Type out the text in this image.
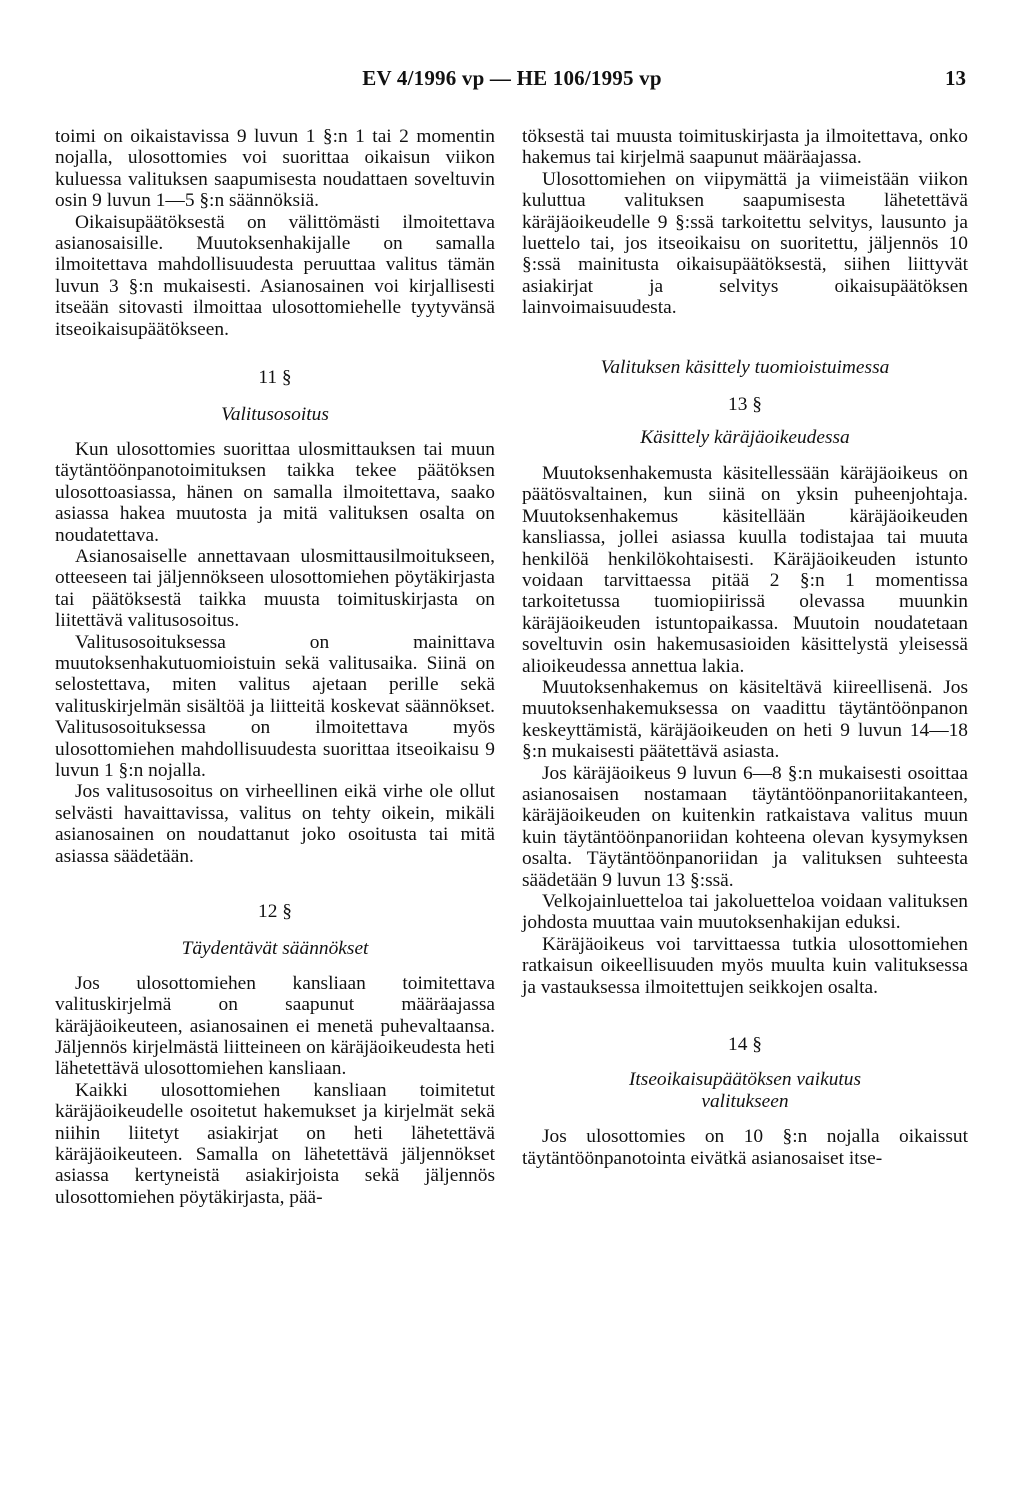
EV 4/1996 vp — HE 106/1995 vp	13

toimi on oikaistavissa 9 luvun 1 §:n 1 tai 2 momentin nojalla, ulosottomies voi suorittaa oikaisun viikon kuluessa valituksen saapumisesta noudattaen soveltuvin osin 9 luvun 1—5 §:n säännöksiä.

Oikaisupäätöksestä on välittömästi ilmoitettava asianosaisille. Muutoksenhakijalle on samalla ilmoitettava mahdollisuudesta peruuttaa valitus tämän luvun 3 §:n mukaisesti. Asianosainen voi kirjallisesti itseään sitovasti ilmoittaa ulosottomiehelle tyytyvänsä itseoikaisupäätökseen.

11 §
Valitusosoitus

Kun ulosottomies suorittaa ulosmittauksen tai muun täytäntöönpanotoimituksen taikka tekee päätöksen ulosottoasiassa, hänen on samalla ilmoitettava, saako asiassa hakea muutosta ja mitä valituksen osalta on noudatettava.

Asianosaiselle annettavaan ulosmittausilmoitukseen, otteeseen tai jäljennökseen ulosottomiehen pöytäkirjasta tai päätöksestä taikka muusta toimituskirjasta on liitettävä valitusosoitus.

Valitusosoituksessa on mainittava muutoksenhakutuomioistuin sekä valitusaika. Siinä on selostettava, miten valitus ajetaan perille sekä valituskirjelmän sisältöä ja liitteitä koskevat säännökset. Valitusosoituksessa on ilmoitettava myös ulosottomiehen mahdollisuudesta suorittaa itseoikaisu 9 luvun 1 §:n nojalla.

Jos valitusosoitus on virheellinen eikä virhe ole ollut selvästi havaittavissa, valitus on tehty oikein, mikäli asianosainen on noudattanut joko osoitusta tai mitä asiassa säädetään.

12 §
Täydentävät säännökset

Jos ulosottomiehen kansliaan toimitettava valituskirjelmä on saapunut määräajassa käräjäoikeuteen, asianosainen ei menetä puhevaltaansa. Jäljennös kirjelmästä liitteineen on käräjäoikeudesta heti lähetettävä ulosottomiehen kansliaan.

Kaikki ulosottomiehen kansliaan toimitetut käräjäoikeudelle osoitetut hakemukset ja kirjelmät sekä niihin liitetyt asiakirjat on heti lähetettävä käräjäoikeuteen. Samalla on lähetettävä jäljennökset asiassa kertyneistä asiakirjoista sekä jäljennös ulosottomiehen pöytäkirjasta, pää-

töksestä tai muusta toimituskirjasta ja ilmoitettava, onko hakemus tai kirjelmä saapunut määräajassa.

Ulosottomiehen on viipymättä ja viimeistään viikon kuluttua valituksen saapumisesta lähetettävä käräjäoikeudelle 9 §:ssä tarkoitettu selvitys, lausunto ja luettelo tai, jos itseoikaisu on suoritettu, jäljennös 10 §:ssä mainitusta oikaisupäätöksestä, siihen liittyvät asiakirjat ja selvitys oikaisupäätöksen lainvoimaisuudesta.

Valituksen käsittely tuomioistuimessa
13 §
Käsittely käräjäoikeudessa

Muutoksenhakemusta käsitellessään käräjäoikeus on päätösvaltainen, kun siinä on yksin puheenjohtaja. Muutoksenhakemus käsitellään käräjäoikeuden kansliassa, jollei asiassa kuulla todistajaa tai muuta henkilöä henkilökohtaisesti. Käräjäoikeuden istunto voidaan tarvittaessa pitää 2 §:n 1 momentissa tarkoitetussa tuomiopiirissä olevassa muunkin käräjäoikeuden istuntopaikassa. Muutoin noudatetaan soveltuvin osin hakemusasioiden käsittelystä yleisessä alioikeudessa annettua lakia.

Muutoksenhakemus on käsiteltävä kiireellisenä. Jos muutoksenhakemuksessa on vaadittu täytäntöönpanon keskeyttämistä, käräjäoikeuden on heti 9 luvun 14—18 §:n mukaisesti päätettävä asiasta.

Jos käräjäoikeus 9 luvun 6—8 §:n mukaisesti osoittaa asianosaisen nostamaan täytäntöönpanoriitakanteen, käräjäoikeuden on kuitenkin ratkaistava valitus muun kuin täytäntöönpanoriidan kohteena olevan kysymyksen osalta. Täytäntöönpanoriidan ja valituksen suhteesta säädetään 9 luvun 13 §:ssä.

Velkojainluetteloa tai jakoluetteloa voidaan valituksen johdosta muuttaa vain muutoksenhakijan eduksi.

Käräjäoikeus voi tarvittaessa tutkia ulosottomiehen ratkaisun oikeellisuuden myös muulta kuin valituksessa ja vastauksessa ilmoitettujen seikkojen osalta.

14 §
Itseoikaisupäätöksen vaikutus valitukseen

Jos ulosottomies on 10 §:n nojalla oikaissut täytäntöönpanotointa eivätkä asianosaiset itse-
